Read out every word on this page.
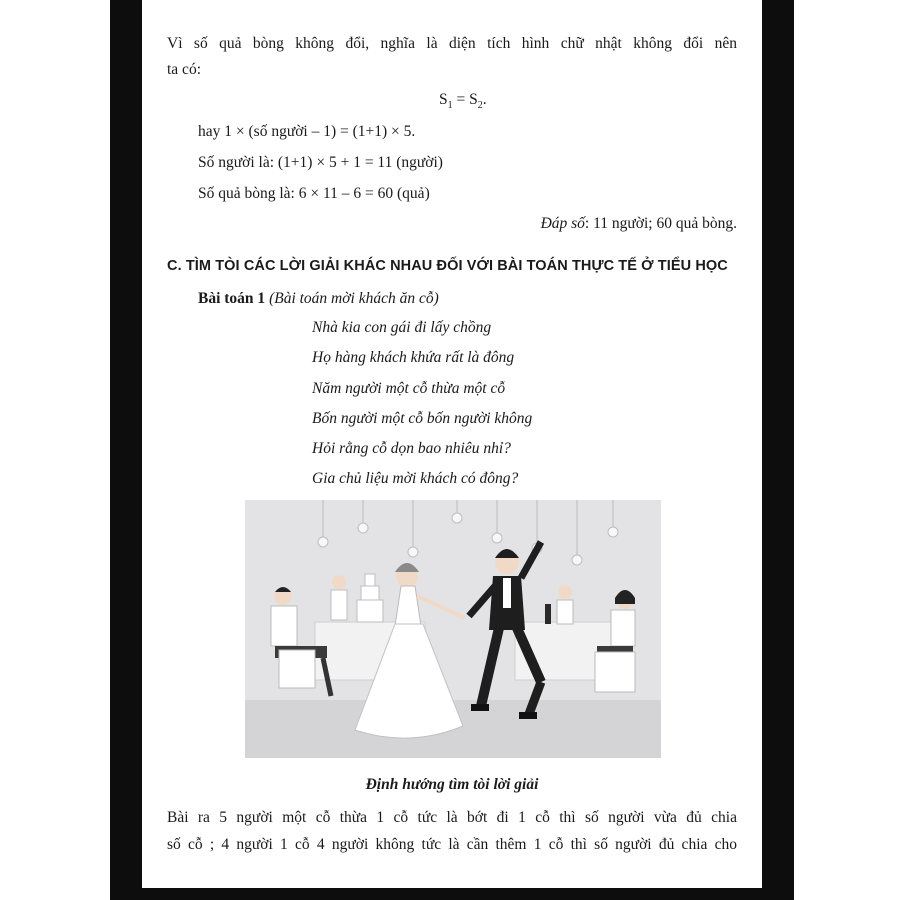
Vì số quả bòng không đổi, nghĩa là diện tích hình chữ nhật không đổi nên
ta có:
$S_1 = S_2$.
hay 1 × (số người – 1) = (1+1) × 5.
Số người là: (1+1) × 5 + 1 = 11 (người)
Số quả bòng là: 6 × 11 – 6 = 60 (quả)
Đáp số: 11 người; 60 quả bòng.
C. TÌM TÒI CÁC LỜI GIẢI KHÁC NHAU ĐỐI VỚI BÀI TOÁN THỰC TẾ Ở TIỂU HỌC
Bài toán 1 (Bài toán mời khách ăn cỗ)
Nhà kia con gái đi lấy chồng
Họ hàng khách khứa rất là đông
Năm người một cỗ thừa một cỗ
Bốn người một cỗ bốn người không
Hỏi rằng cỗ dọn bao nhiêu nhỉ?
Gia chủ liệu mời khách có đông?
Định hướng tìm tòi lời giải
Bài ra 5 người một cỗ thừa 1 cỗ tức là bớt đi 1 cỗ thì số người vừa đủ chia
số cỗ ; 4 người 1 cỗ 4 người không tức là cần thêm 1 cỗ thì số người đủ chia cho
